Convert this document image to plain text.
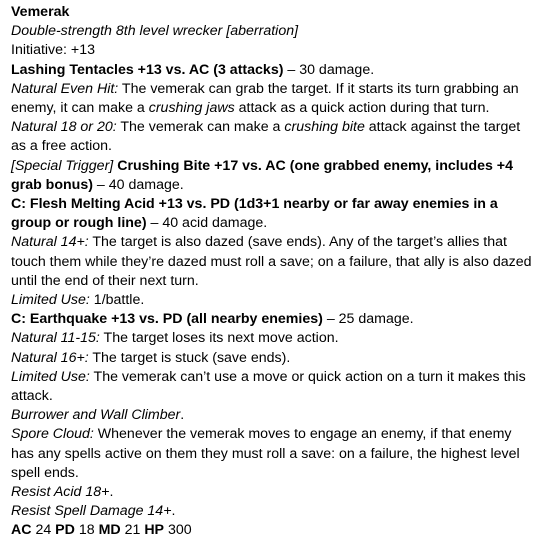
Vemerak

Double-strength 8th level wrecker [aberration]

Initiative: +13

Lashing Tentacles +13 vs. AC (3 attacks) – 30 damage.

Natural Even Hit: The vemerak can grab the target. If it starts its turn grabbing an enemy, it can make a crushing jaws attack as a quick action during that turn.

Natural 18 or 20: The vemerak can make a crushing bite attack against the target as a free action.

[Special Trigger] Crushing Bite +17 vs. AC (one grabbed enemy, includes +4 grab bonus) – 40 damage.

C: Flesh Melting Acid +13 vs. PD (1d3+1 nearby or far away enemies in a group or rough line) – 40 acid damage.

Natural 14+: The target is also dazed (save ends). Any of the target’s allies that touch them while they’re dazed must roll a save; on a failure, that ally is also dazed until the end of their next turn.

Limited Use: 1/battle.

C: Earthquake +13 vs. PD (all nearby enemies) – 25 damage.

Natural 11-15: The target loses its next move action.

Natural 16+: The target is stuck (save ends).

Limited Use: The vemerak can’t use a move or quick action on a turn it makes this attack.

Burrower and Wall Climber.

Spore Cloud: Whenever the vemerak moves to engage an enemy, if that enemy has any spells active on them they must roll a save: on a failure, the highest level spell ends.

Resist Acid 18+.

Resist Spell Damage 14+.

AC 24 PD 18 MD 21 HP 300
